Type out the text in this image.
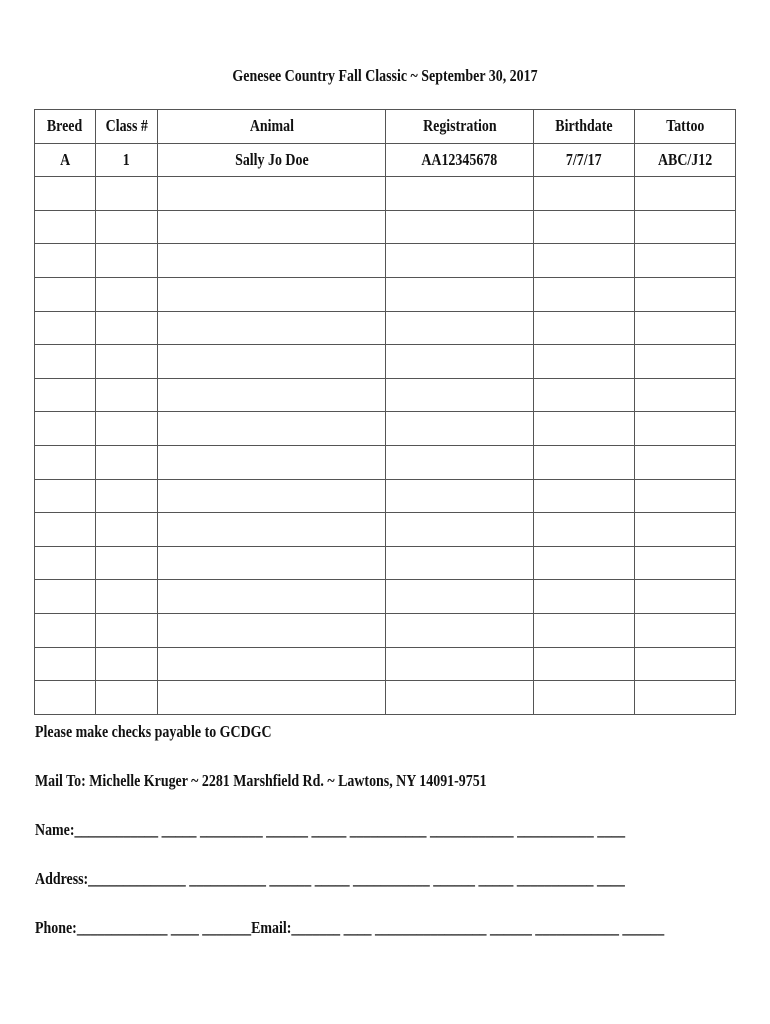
Genesee Country Fall Classic ~ September 30, 2017
Breed	Class #	Animal	Registration	Birthdate	Tattoo
A	1	Sally Jo Doe	AA12345678	7/7/17	ABC/J12

Please make checks payable to GCDGC
Mail To: Michelle Kruger ~ 2281 Marshfield Rd. ~ Lawtons, NY 14091-9751
Name:____________ _____ _________ ______ _____ ___________ ____________ ___________ ____
Address:______________ ___________ ______ _____ ___________ ______ _____ ___________ ____
Phone:_____________ ____ _______Email:_______ ____ ________________ ______ ____________ ______
